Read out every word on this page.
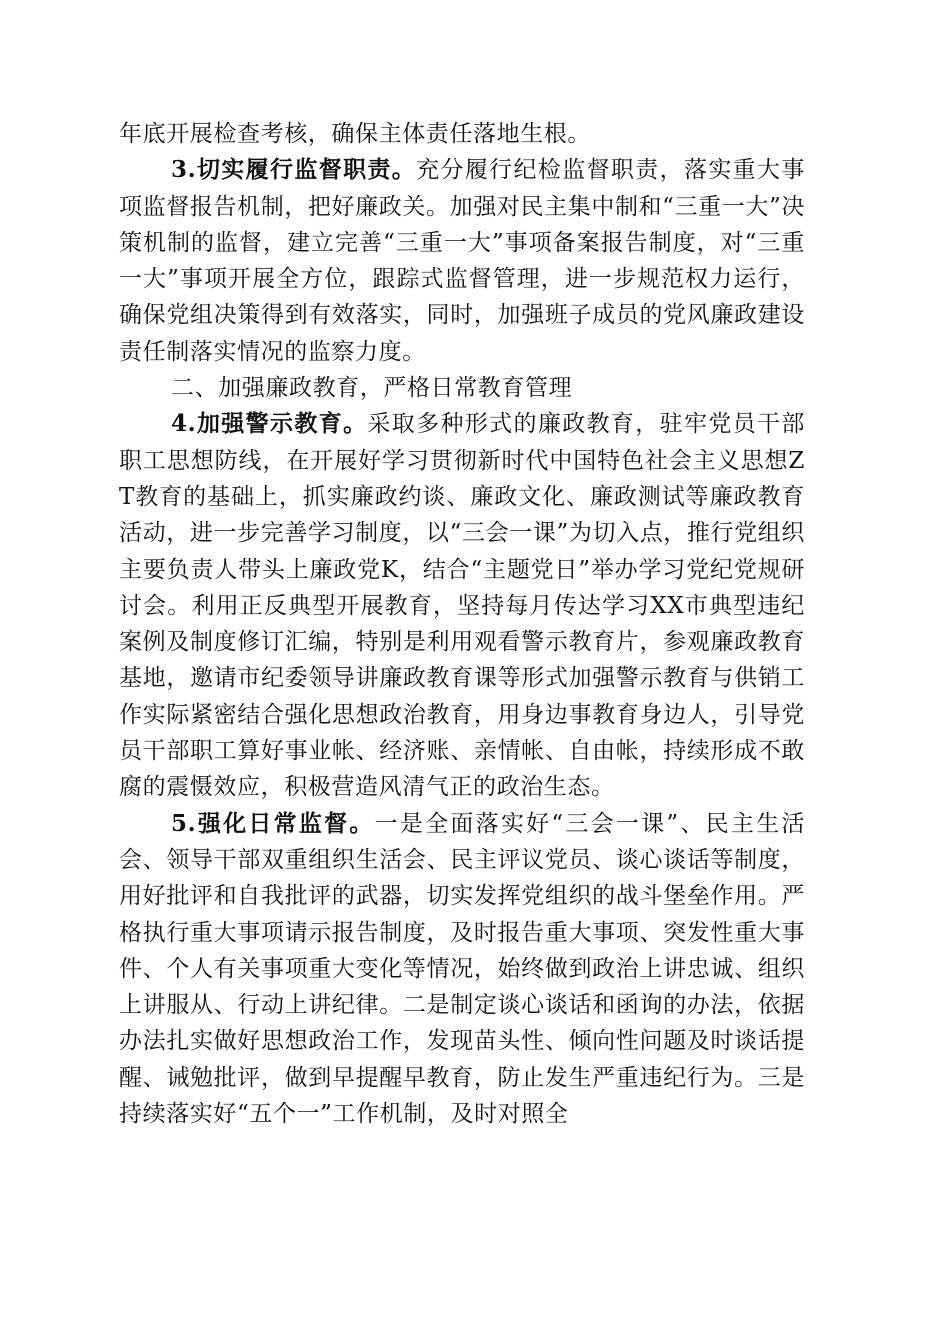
年底开展检查考核，确保主体责任落地生根。

3.切实履行监督职责。充分履行纪检监督职责，落实重大事项监督报告机制，把好廉政关。加强对民主集中制和“三重一大”决策机制的监督，建立完善“三重一大”事项备案报告制度，对“三重一大”事项开展全方位，跟踪式监督管理，进一步规范权力运行，确保党组决策得到有效落实，同时，加强班子成员的党风廉政建设责任制落实情况的监察力度。

二、加强廉政教育，严格日常教育管理

4.加强警示教育。采取多种形式的廉政教育，驻牢党员干部职工思想防线，在开展好学习贯彻新时代中国特色社会主义思想ZT教育的基础上，抓实廉政约谈、廉政文化、廉政测试等廉政教育活动，进一步完善学习制度，以“三会一课”为切入点，推行党组织主要负责人带头上廉政党K，结合“主题党日”举办学习党纪党规研讨会。利用正反典型开展教育，坚持每月传达学习XX市典型违纪案例及制度修订汇编，特别是利用观看警示教育片，参观廉政教育基地，邀请市纪委领导讲廉政教育课等形式加强警示教育与供销工作实际紧密结合强化思想政治教育，用身边事教育身边人，引导党员干部职工算好事业帐、经济账、亲情帐、自由帐，持续形成不敢腐的震慑效应，积极营造风清气正的政治生态。

5.强化日常监督。一是全面落实好“三会一课”、民主生活会、领导干部双重组织生活会、民主评议党员、谈心谈话等制度，用好批评和自我批评的武器，切实发挥党组织的战斗堡垒作用。严格执行重大事项请示报告制度，及时报告重大事项、突发性重大事件、个人有关事项重大变化等情况，始终做到政治上讲忠诚、组织上讲服从、行动上讲纪律。二是制定谈心谈话和函询的办法，依据办法扎实做好思想政治工作，发现苗头性、倾向性问题及时谈话提醒、诫勉批评，做到早提醒早教育，防止发生严重违纪行为。三是持续落实好“五个一”工作机制，及时对照全
